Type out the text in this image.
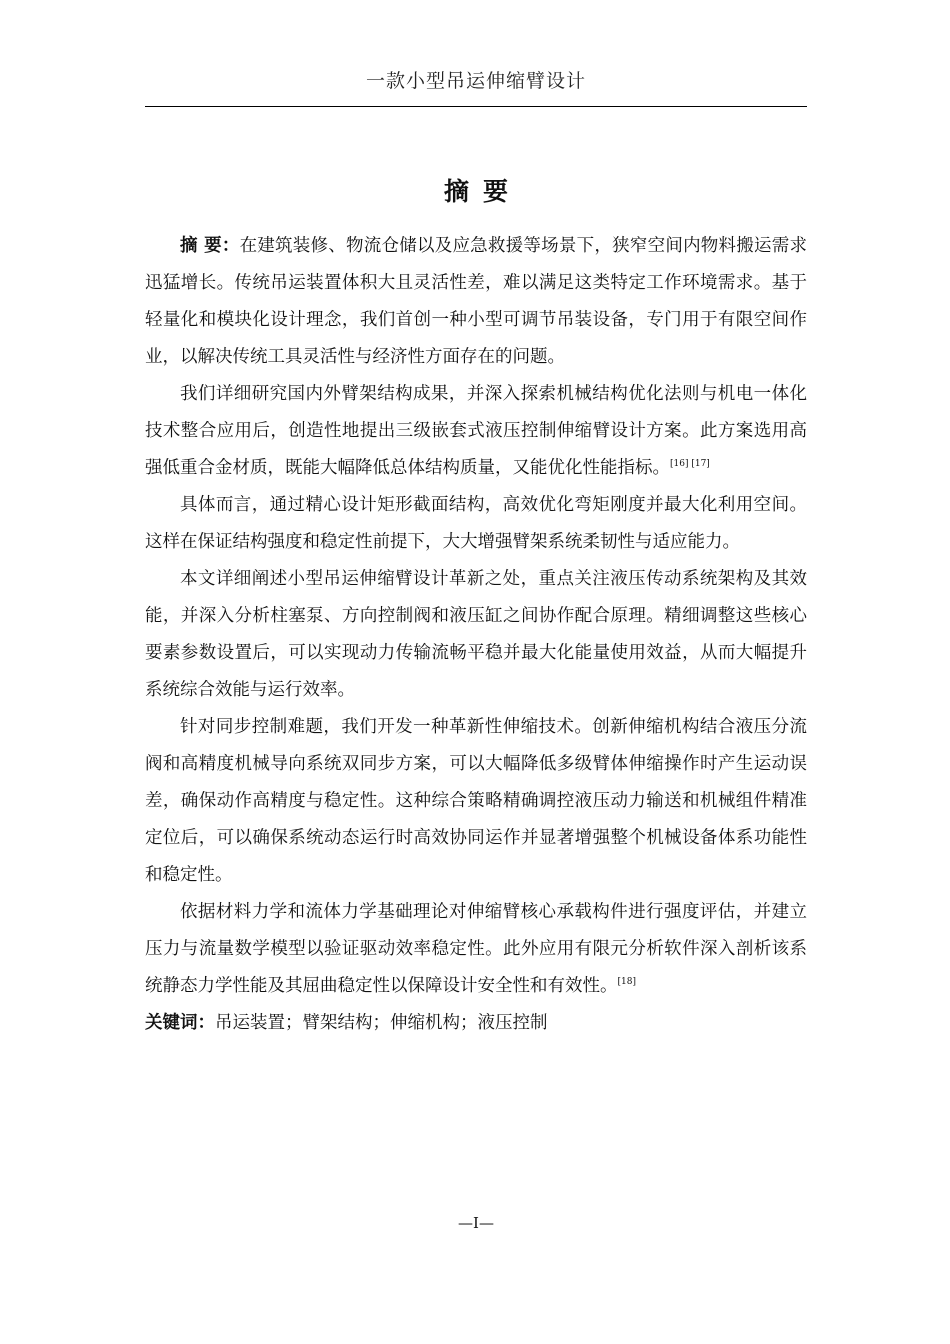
一款小型吊运伸缩臂设计
摘要

摘 要：在建筑装修、物流仓储以及应急救援等场景下，狭窄空间内物料搬运需求迅猛增长。传统吊运装置体积大且灵活性差，难以满足这类特定工作环境需求。基于轻量化和模块化设计理念，我们首创一种小型可调节吊装设备，专门用于有限空间作业，以解决传统工具灵活性与经济性方面存在的问题。

我们详细研究国内外臂架结构成果，并深入探索机械结构优化法则与机电一体化技术整合应用后，创造性地提出三级嵌套式液压控制伸缩臂设计方案。此方案选用高强低重合金材质，既能大幅降低总体结构质量，又能优化性能指标。[16] [17]

具体而言，通过精心设计矩形截面结构，高效优化弯矩刚度并最大化利用空间。这样在保证结构强度和稳定性前提下，大大增强臂架系统柔韧性与适应能力。

本文详细阐述小型吊运伸缩臂设计革新之处，重点关注液压传动系统架构及其效能，并深入分析柱塞泵、方向控制阀和液压缸之间协作配合原理。精细调整这些核心要素参数设置后，可以实现动力传输流畅平稳并最大化能量使用效益，从而大幅提升系统综合效能与运行效率。

针对同步控制难题，我们开发一种革新性伸缩技术。创新伸缩机构结合液压分流阀和高精度机械导向系统双同步方案，可以大幅降低多级臂体伸缩操作时产生运动误差，确保动作高精度与稳定性。这种综合策略精确调控液压动力输送和机械组件精准定位后，可以确保系统动态运行时高效协同运作并显著增强整个机械设备体系功能性和稳定性。

依据材料力学和流体力学基础理论对伸缩臂核心承载构件进行强度评估，并建立压力与流量数学模型以验证驱动效率稳定性。此外应用有限元分析软件深入剖析该系统静态力学性能及其屈曲稳定性以保障设计安全性和有效性。[18]

关键词：吊运装置；臂架结构；伸缩机构；液压控制

—I—
